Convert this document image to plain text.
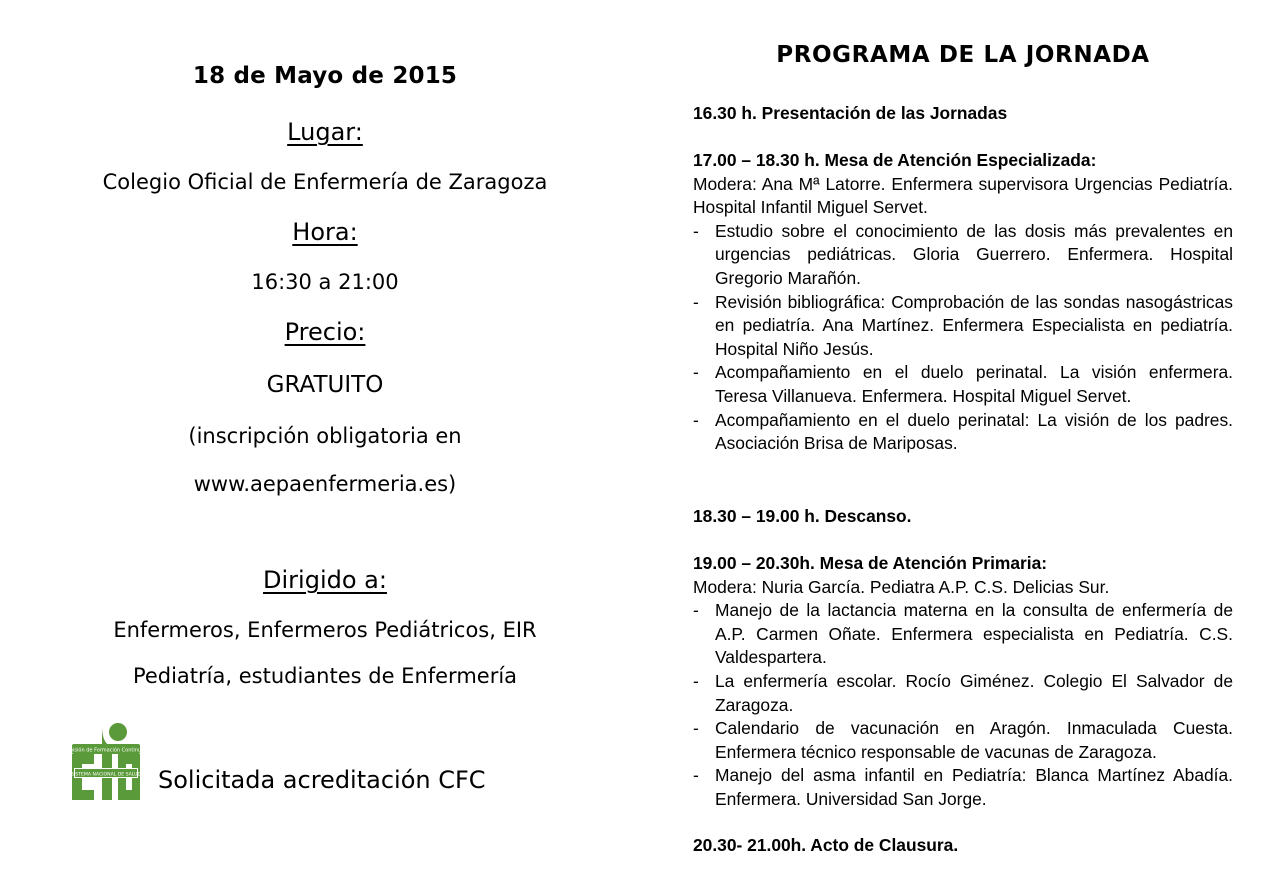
18 de Mayo de 2015
Lugar:
Colegio Oficial de Enfermería de Zaragoza
Hora:
16:30 a 21:00
Precio:
GRATUITO
(inscripción obligatoria en
www.aepaenfermeria.es)
Dirigido a:
Enfermeros, Enfermeros Pediátricos, EIR
Pediatría, estudiantes de Enfermería
Comisión de Formación Continuada
SISTEMA NACIONAL DE SALUD Solicitada acreditación CFC
PROGRAMA DE LA JORNADA
16.30 h. Presentación de las Jornadas
17.00 – 18.30 h. Mesa de Atención Especializada:
Modera: Ana Mª Latorre. Enfermera supervisora Urgencias Pediatría. Hospital Infantil Miguel Servet.
- Estudio sobre el conocimiento de las dosis más prevalentes en urgencias pediátricas. Gloria Guerrero. Enfermera. Hospital Gregorio Marañón.
- Revisión bibliográfica: Comprobación de las sondas nasogástricas en pediatría. Ana Martínez. Enfermera Especialista en pediatría. Hospital Niño Jesús.
- Acompañamiento en el duelo perinatal. La visión enfermera. Teresa Villanueva. Enfermera. Hospital Miguel Servet.
- Acompañamiento en el duelo perinatal: La visión de los padres. Asociación Brisa de Mariposas.
18.30 – 19.00 h. Descanso.
19.00 – 20.30h. Mesa de Atención Primaria:
Modera: Nuria García. Pediatra A.P. C.S. Delicias Sur.
- Manejo de la lactancia materna en la consulta de enfermería de A.P. Carmen Oñate. Enfermera especialista en Pediatría. C.S. Valdespartera.
- La enfermería escolar. Rocío Giménez. Colegio El Salvador de Zaragoza.
- Calendario de vacunación en Aragón. Inmaculada Cuesta. Enfermera técnico responsable de vacunas de Zaragoza.
- Manejo del asma infantil en Pediatría: Blanca Martínez Abadía. Enfermera. Universidad San Jorge.
20.30- 21.00h. Acto de Clausura.
